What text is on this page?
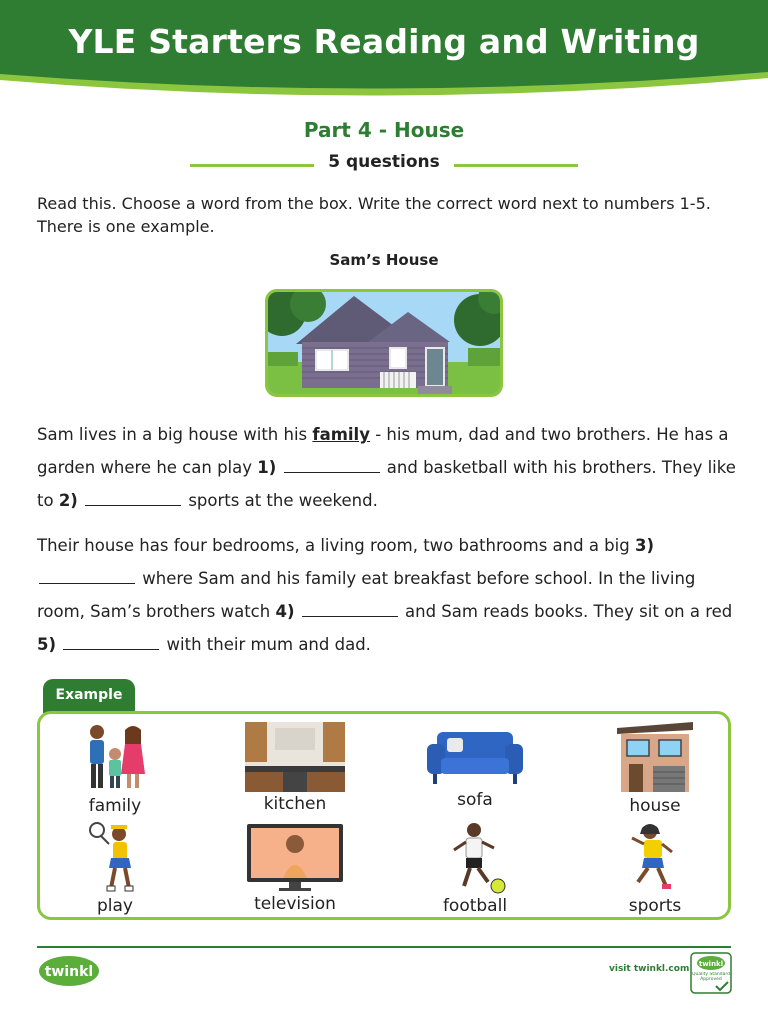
YLE Starters Reading and Writing
Part 4 - House
5 questions
Read this. Choose a word from the box. Write the correct word next to numbers 1-5. There is one example.
Sam’s House
Sam lives in a big house with his family - his mum, dad and two brothers. He has a garden where he can play 1)	and basketball with his brothers. They like to 2)	sports at the weekend.
Their house has four bedrooms, a living room, two bathrooms and a big 3)  where Sam and his family eat breakfast before school. In the living room, Sam’s brothers watch 4)	and Sam reads books. They sit on a red 5)	with their mum and dad.
Example
family	kitchen	sofa	house
play	television	football	sports
twinkl	visit twinkl.com twinkl
Quality Standard Approved
